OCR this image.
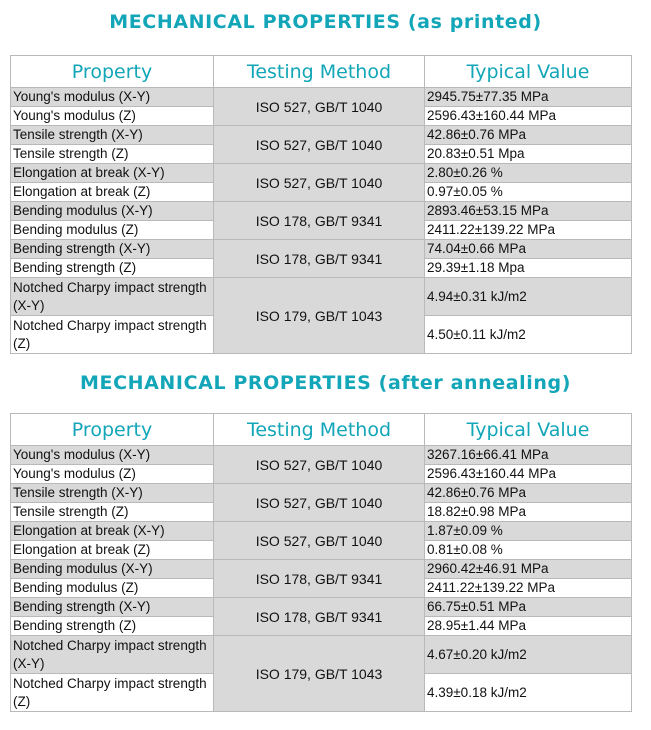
MECHANICAL PROPERTIES (as printed)
Property	Testing Method	Typical Value
Young's modulus (X-Y)	ISO 527, GB/T 1040	2945.75±77.35 MPa
Young's modulus (Z)		2596.43±160.44 MPa
Tensile strength (X-Y)	ISO 527, GB/T 1040	42.86±0.76 MPa
Tensile strength (Z)		20.83±0.51 Mpa
Elongation at break (X-Y)	ISO 527, GB/T 1040	2.80±0.26 %
Elongation at break (Z)		0.97±0.05 %
Bending modulus (X-Y)	ISO 178, GB/T 9341	2893.46±53.15 MPa
Bending modulus (Z)		2411.22±139.22 MPa
Bending strength (X-Y)	ISO 178, GB/T 9341	74.04±0.66 MPa
Bending strength (Z)		29.39±1.18 Mpa
Notched Charpy impact strength (X-Y)	ISO 179, GB/T 1043	4.94±0.31 kJ/m2
Notched Charpy impact strength (Z)		4.50±0.11 kJ/m2
MECHANICAL PROPERTIES (after annealing)
Property	Testing Method	Typical Value
Young's modulus (X-Y)	ISO 527, GB/T 1040	3267.16±66.41 MPa
Young's modulus (Z)		2596.43±160.44 MPa
Tensile strength (X-Y)	ISO 527, GB/T 1040	42.86±0.76 MPa
Tensile strength (Z)		18.82±0.98 MPa
Elongation at break (X-Y)	ISO 527, GB/T 1040	1.87±0.09 %
Elongation at break (Z)		0.81±0.08 %
Bending modulus (X-Y)	ISO 178, GB/T 9341	2960.42±46.91 MPa
Bending modulus (Z)		2411.22±139.22 MPa
Bending strength (X-Y)	ISO 178, GB/T 9341	66.75±0.51 MPa
Bending strength (Z)		28.95±1.44 MPa
Notched Charpy impact strength (X-Y)	ISO 179, GB/T 1043	4.67±0.20 kJ/m2
Notched Charpy impact strength (Z)		4.39±0.18 kJ/m2
